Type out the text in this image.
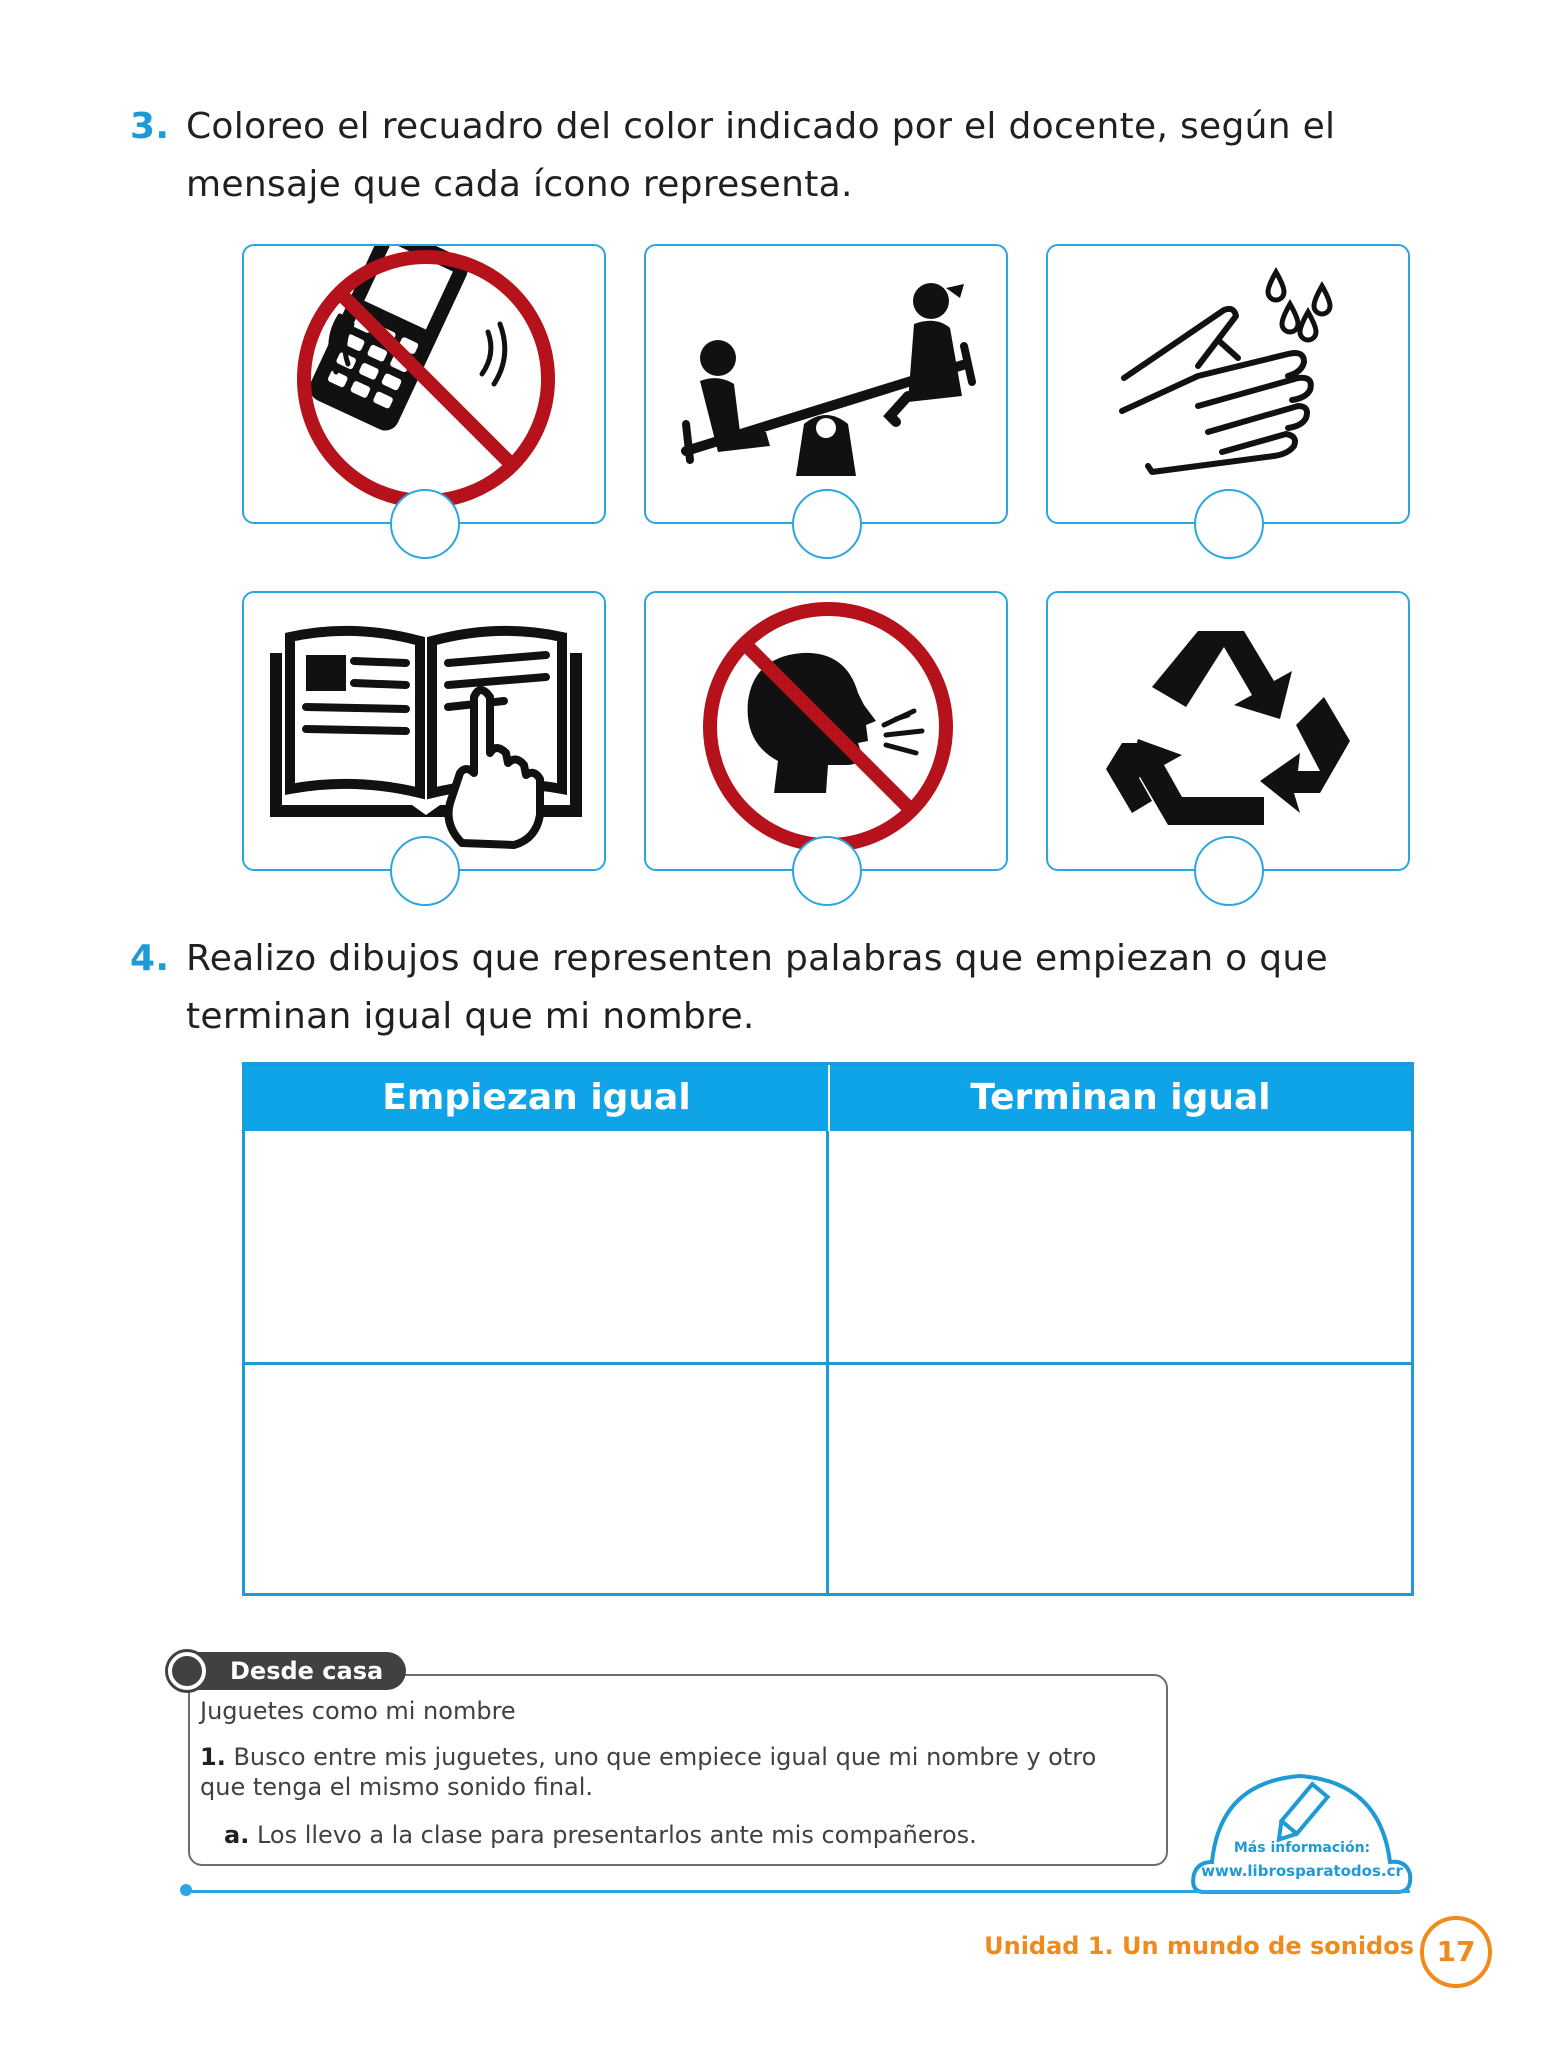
3. Coloreo el recuadro del color indicado por el docente, según el mensaje que cada ícono representa.
4. Realizo dibujos que representen palabras que empiezan o que terminan igual que mi nombre.
Empiezan igual	Terminan igual
Desde casa
Juguetes como mi nombre
1. Busco entre mis juguetes, uno que empiece igual que mi nombre y otro que tenga el mismo sonido final.
a. Los llevo a la clase para presentarlos ante mis compañeros.	Más información:
www.librosparatodos.cr
Unidad 1. Un mundo de sonidos 17
